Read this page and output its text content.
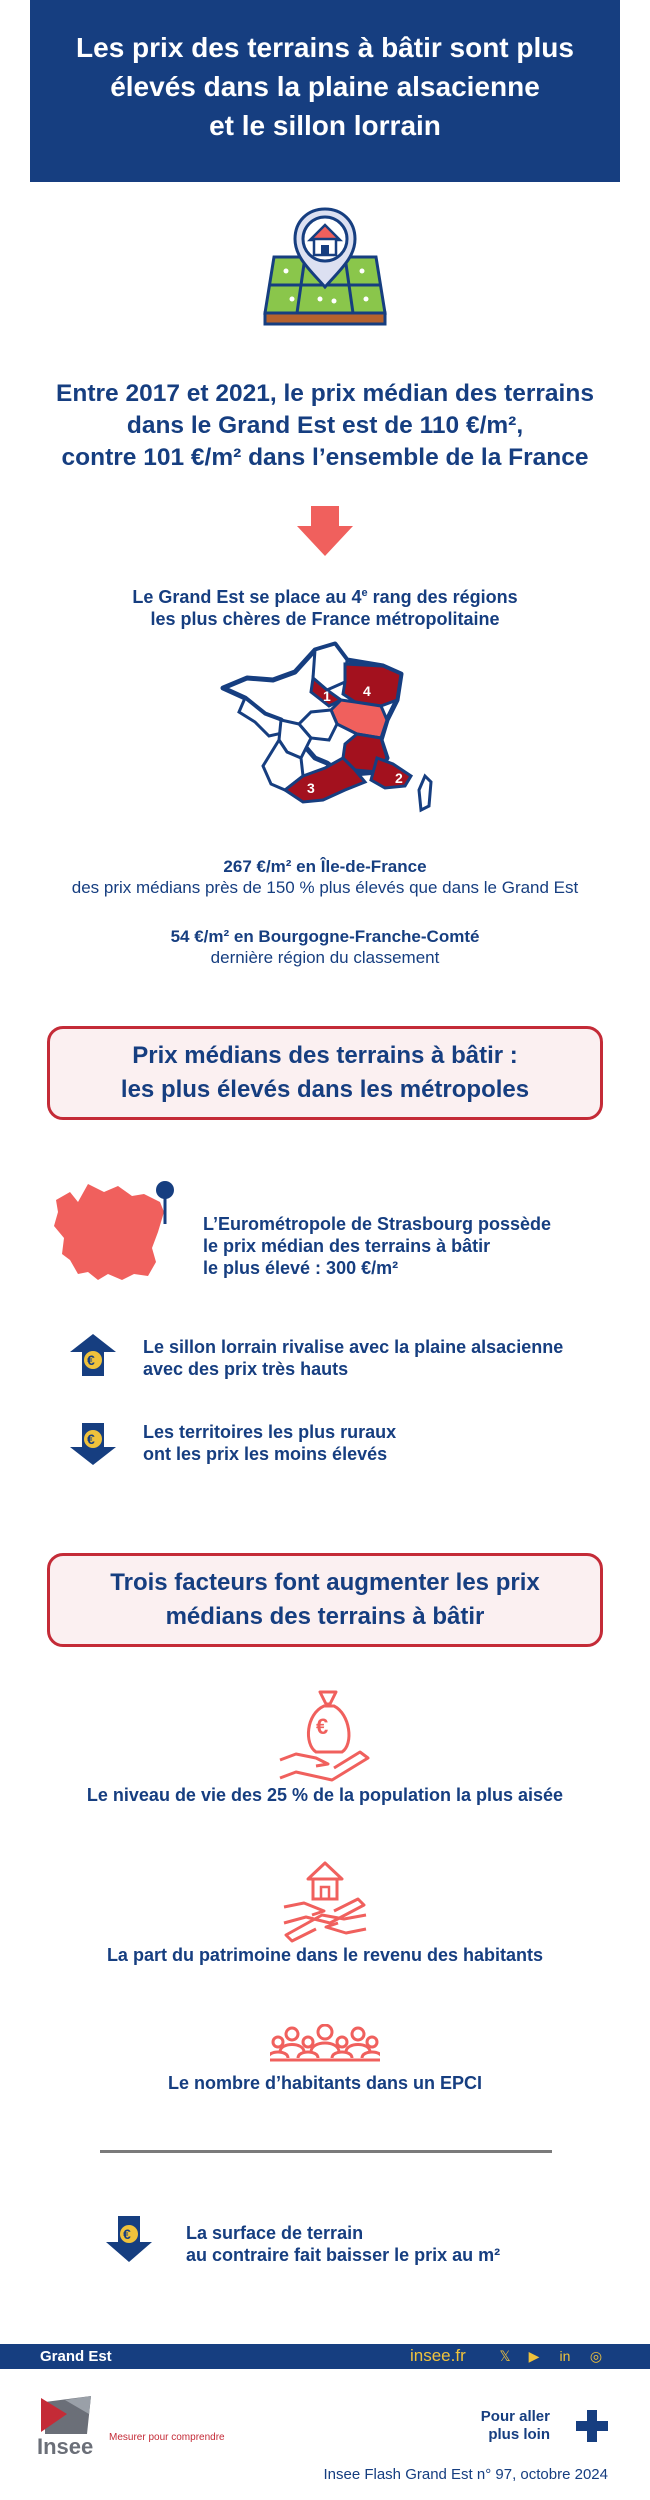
Les prix des terrains à bâtir sont plus
élevés dans la plaine alsacienne
et le sillon lorrain
Entre 2017 et 2021, le prix médian des terrains
dans le Grand Est est de 110 €/m²,
contre 101 €/m² dans l’ensemble de la France
Le Grand Est se place au 4e rang des régions
les plus chères de France métropolitaine
1
2
3
4
267 €/m² en Île-de-France
des prix médians près de 150 % plus élevés que dans le Grand Est
54 €/m² en Bourgogne-Franche-Comté
dernière région du classement
Prix médians des terrains à bâtir :
les plus élevés dans les métropoles
L’Eurométropole de Strasbourg possède
le prix médian des terrains à bâtir
le plus élevé : 300 €/m²
€
Le sillon lorrain rivalise avec la plaine alsacienne
avec des prix très hauts
€	Les territoires les plus ruraux
ont les prix les moins élevés
Trois facteurs font augmenter les prix
médians des terrains à bâtir
€
Le niveau de vie des 25 % de la population la plus aisée
La part du patrimoine dans le revenu des habitants
Le nombre d’habitants dans un EPCI
€	La surface de terrain
au contraire fait baisser le prix au m²
Grand Est	insee.fr 𝕏 ▶ in ◎
Insee Mesurer pour comprendre
Pour aller
plus loin
Insee Flash Grand Est n° 97, octobre 2024
